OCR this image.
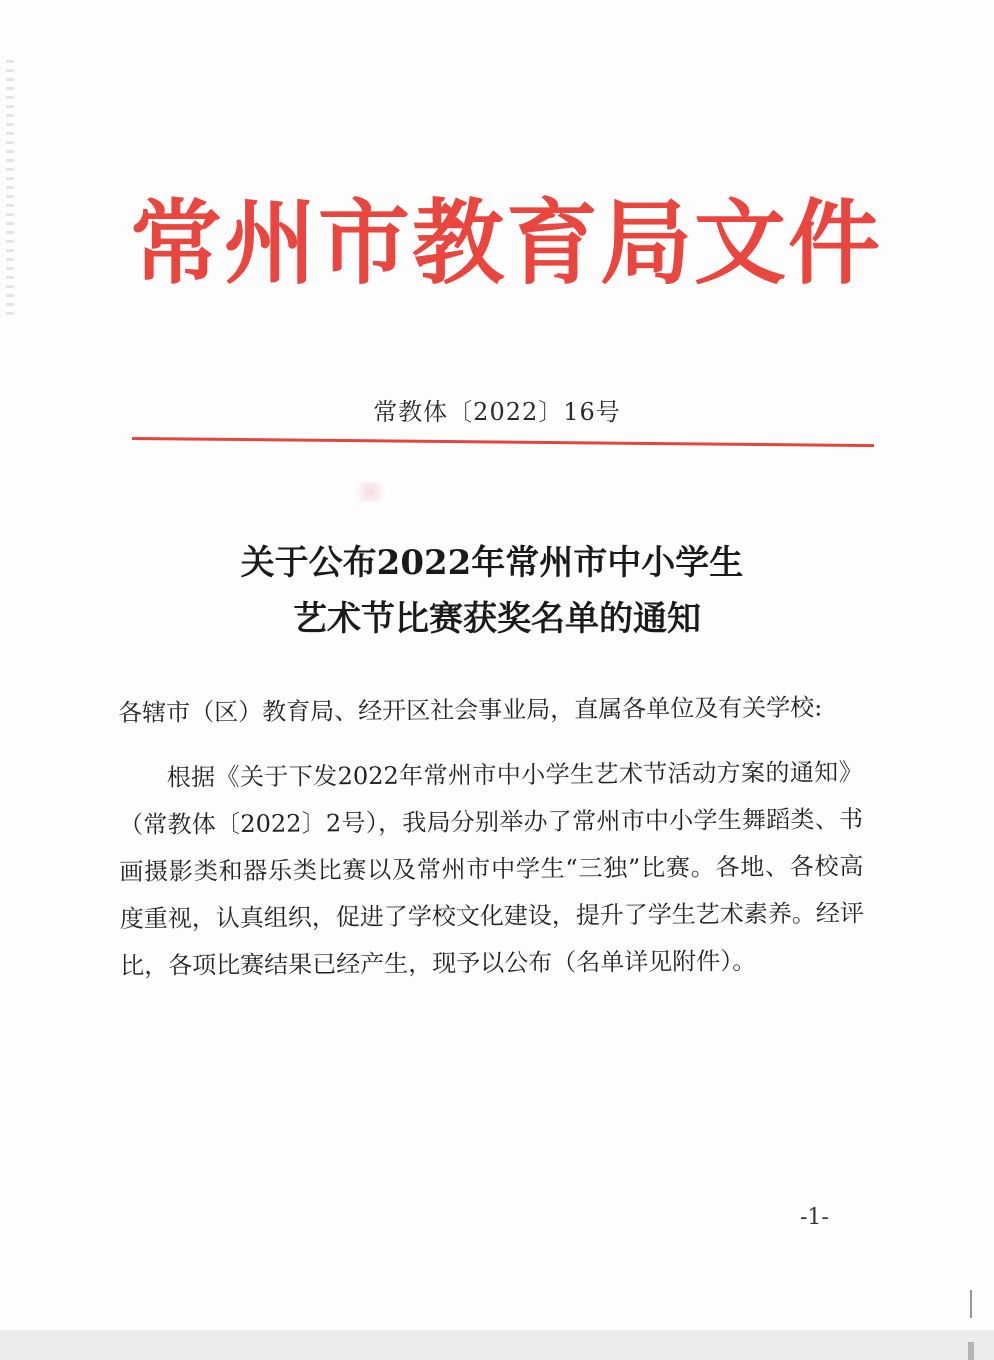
常州市教育局文件
常教体〔2022〕16号
关于公布2022年常州市中小学生
艺术节比赛获奖名单的通知

各辖市（区）教育局、经开区社会事业局，直属各单位及有关学校:

根据《关于下发2022年常州市中小学生艺术节活动方案的通知》（常教体〔2022〕2号），我局分别举办了常州市中小学生舞蹈类、书画摄影类和器乐类比赛以及常州市中学生“三独”比赛。各地、各校高度重视，认真组织，促进了学校文化建设，提升了学生艺术素养。经评比，各项比赛结果已经产生，现予以公布（名单详见附件）。

-1-
